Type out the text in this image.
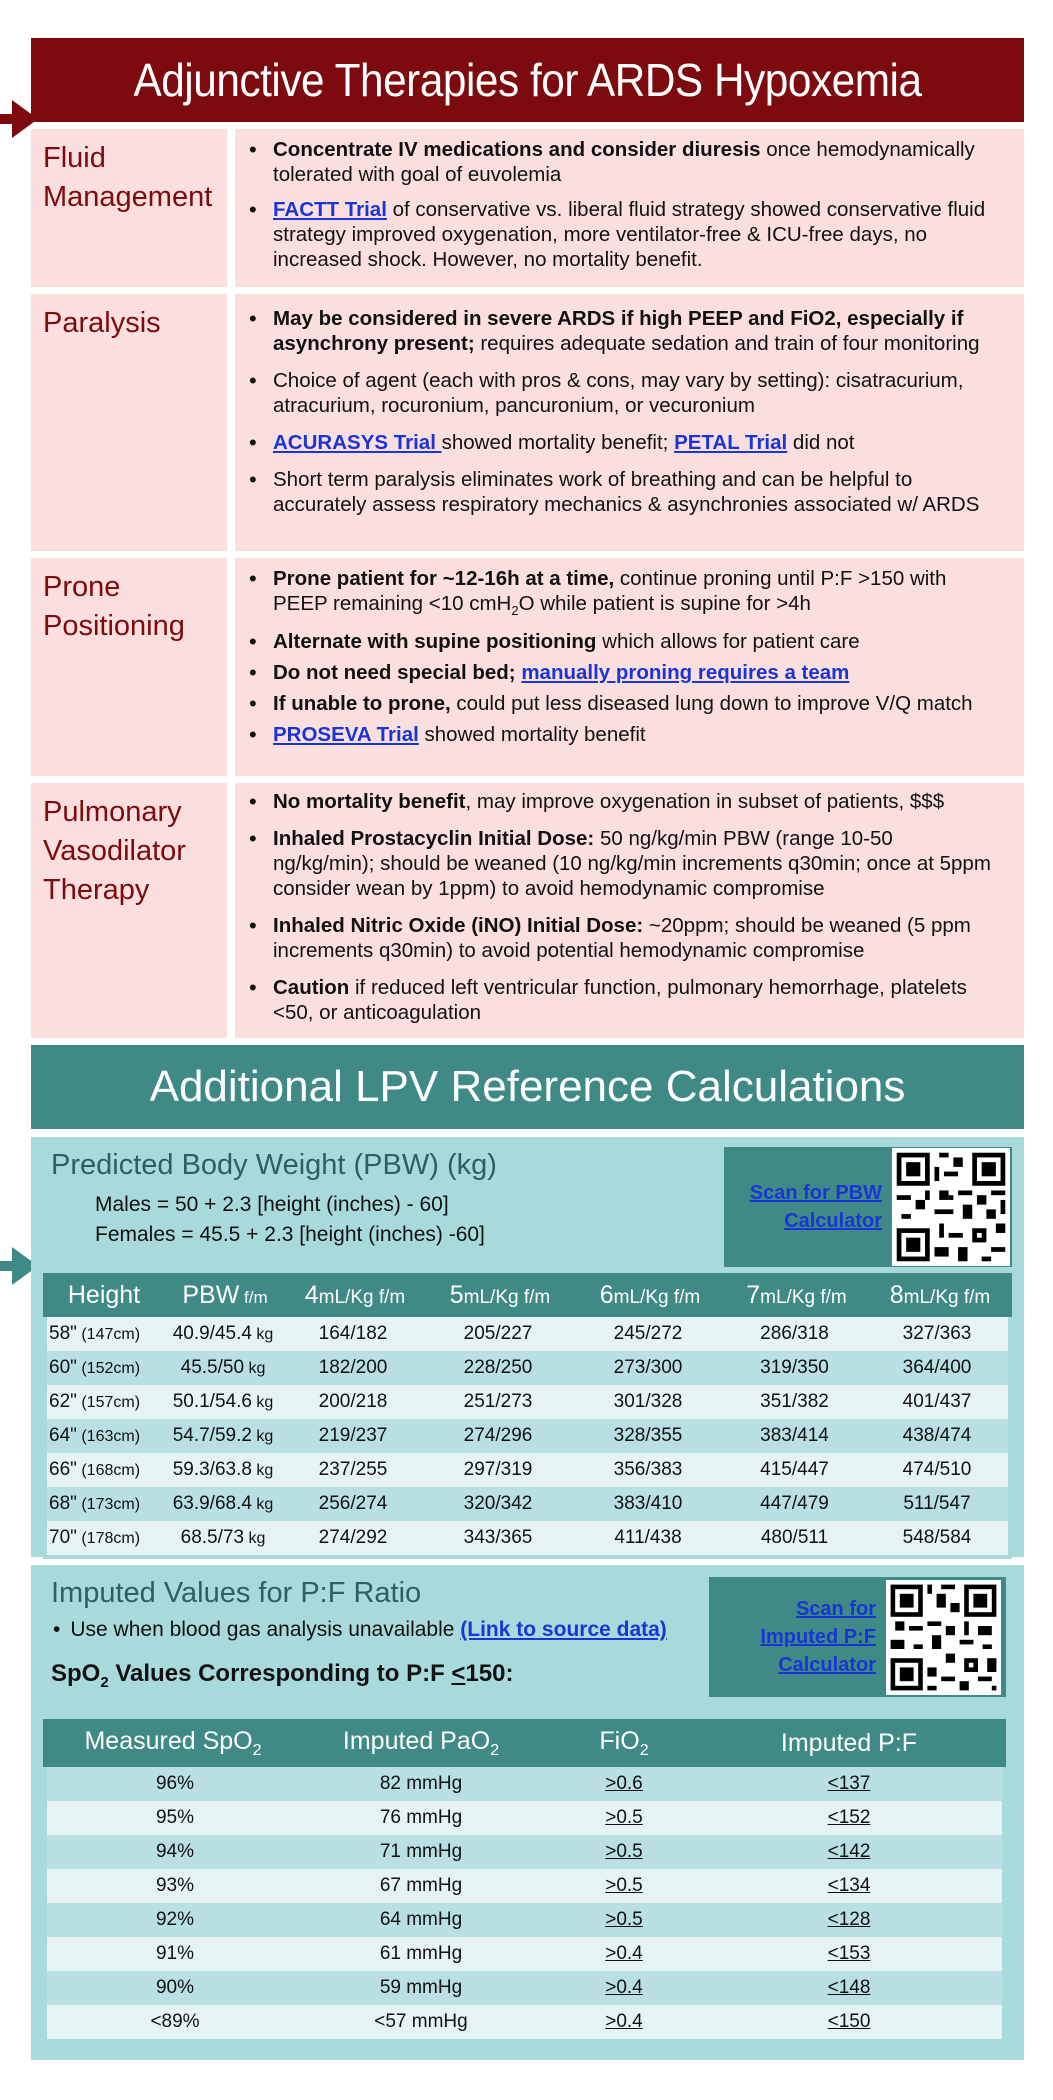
Adjunctive Therapies for ARDS Hypoxemia
Fluid Management
• Concentrate IV medications and consider diuresis once hemodynamically tolerated with goal of euvolemia
• FACTT Trial of conservative vs. liberal fluid strategy showed conservative fluid strategy improved oxygenation, more ventilator-free & ICU-free days, no increased shock. However, no mortality benefit.
Paralysis	• May be considered in severe ARDS if high PEEP and FiO2, especially if asynchrony present; requires adequate sedation and train of four monitoring
• Choice of agent (each with pros & cons, may vary by setting): cisatracurium, atracurium, rocuronium, pancuronium, or vecuronium
• ACURASYS Trial showed mortality benefit; PETAL Trial did not
• Short term paralysis eliminates work of breathing and can be helpful to accurately assess respiratory mechanics & asynchronies associated w/ ARDS
Prone Positioning
• Prone patient for ~12-16h at a time, continue proning until P:F >150 with PEEP remaining <10 cmH$_2$O while patient is supine for >4h
• Alternate with supine positioning which allows for patient care
• Do not need special bed; manually proning requires a team
• If unable to prone, could put less diseased lung down to improve V/Q match
• PROSEVA Trial showed mortality benefit
Pulmonary Vasodilator Therapy
• No mortality benefit, may improve oxygenation in subset of patients, $$$
• Inhaled Prostacyclin Initial Dose: 50 ng/kg/min PBW (range 10-50 ng/kg/min); should be weaned (10 ng/kg/min increments q30min; once at 5ppm consider wean by 1ppm) to avoid hemodynamic compromise
• Inhaled Nitric Oxide (iNO) Initial Dose: ~20ppm; should be weaned (5 ppm increments q30min) to avoid potential hemodynamic compromise
• Caution if reduced left ventricular function, pulmonary hemorrhage, platelets <50, or anticoagulation
Additional LPV Reference Calculations
Predicted Body Weight (PBW) (kg)
Males = 50 + 2.3 [height (inches) - 60]
Females = 45.5 + 2.3 [height (inches) -60]
Scan for PBW Calculator
Height	PBW f/m	4mL/Kg f/m	5mL/Kg f/m	6mL/Kg f/m	7mL/Kg f/m	8mL/Kg f/m
58" (147cm)	40.9/45.4 kg	164/182	205/227	245/272	286/318	327/363
60" (152cm)	45.5/50 kg	182/200	228/250	273/300	319/350	364/400
62" (157cm)	50.1/54.6 kg	200/218	251/273	301/328	351/382	401/437
64" (163cm)	54.7/59.2 kg	219/237	274/296	328/355	383/414	438/474
66" (168cm)	59.3/63.8 kg	237/255	297/319	356/383	415/447	474/510
68" (173cm)	63.9/68.4 kg	256/274	320/342	383/410	447/479	511/547
70" (178cm)	68.5/73 kg	274/292	343/365	411/438	480/511	548/584
Imputed Values for P:F Ratio
• Use when blood gas analysis unavailable (Link to source data)
SpO$_2$ Values Corresponding to P:F <150:
Scan for Imputed P:F Calculator
Measured SpO$_2$	Imputed PaO$_2$	FiO$_2$	Imputed P:F
96%	82 mmHg	>0.6	<137
95%	76 mmHg	>0.5	<152
94%	71 mmHg	>0.5	<142
93%	67 mmHg	>0.5	<134
92%	64 mmHg	>0.5	<128
91%	61 mmHg	>0.4	<153
90%	59 mmHg	>0.4	<148
<89%	<57 mmHg	>0.4	<150
